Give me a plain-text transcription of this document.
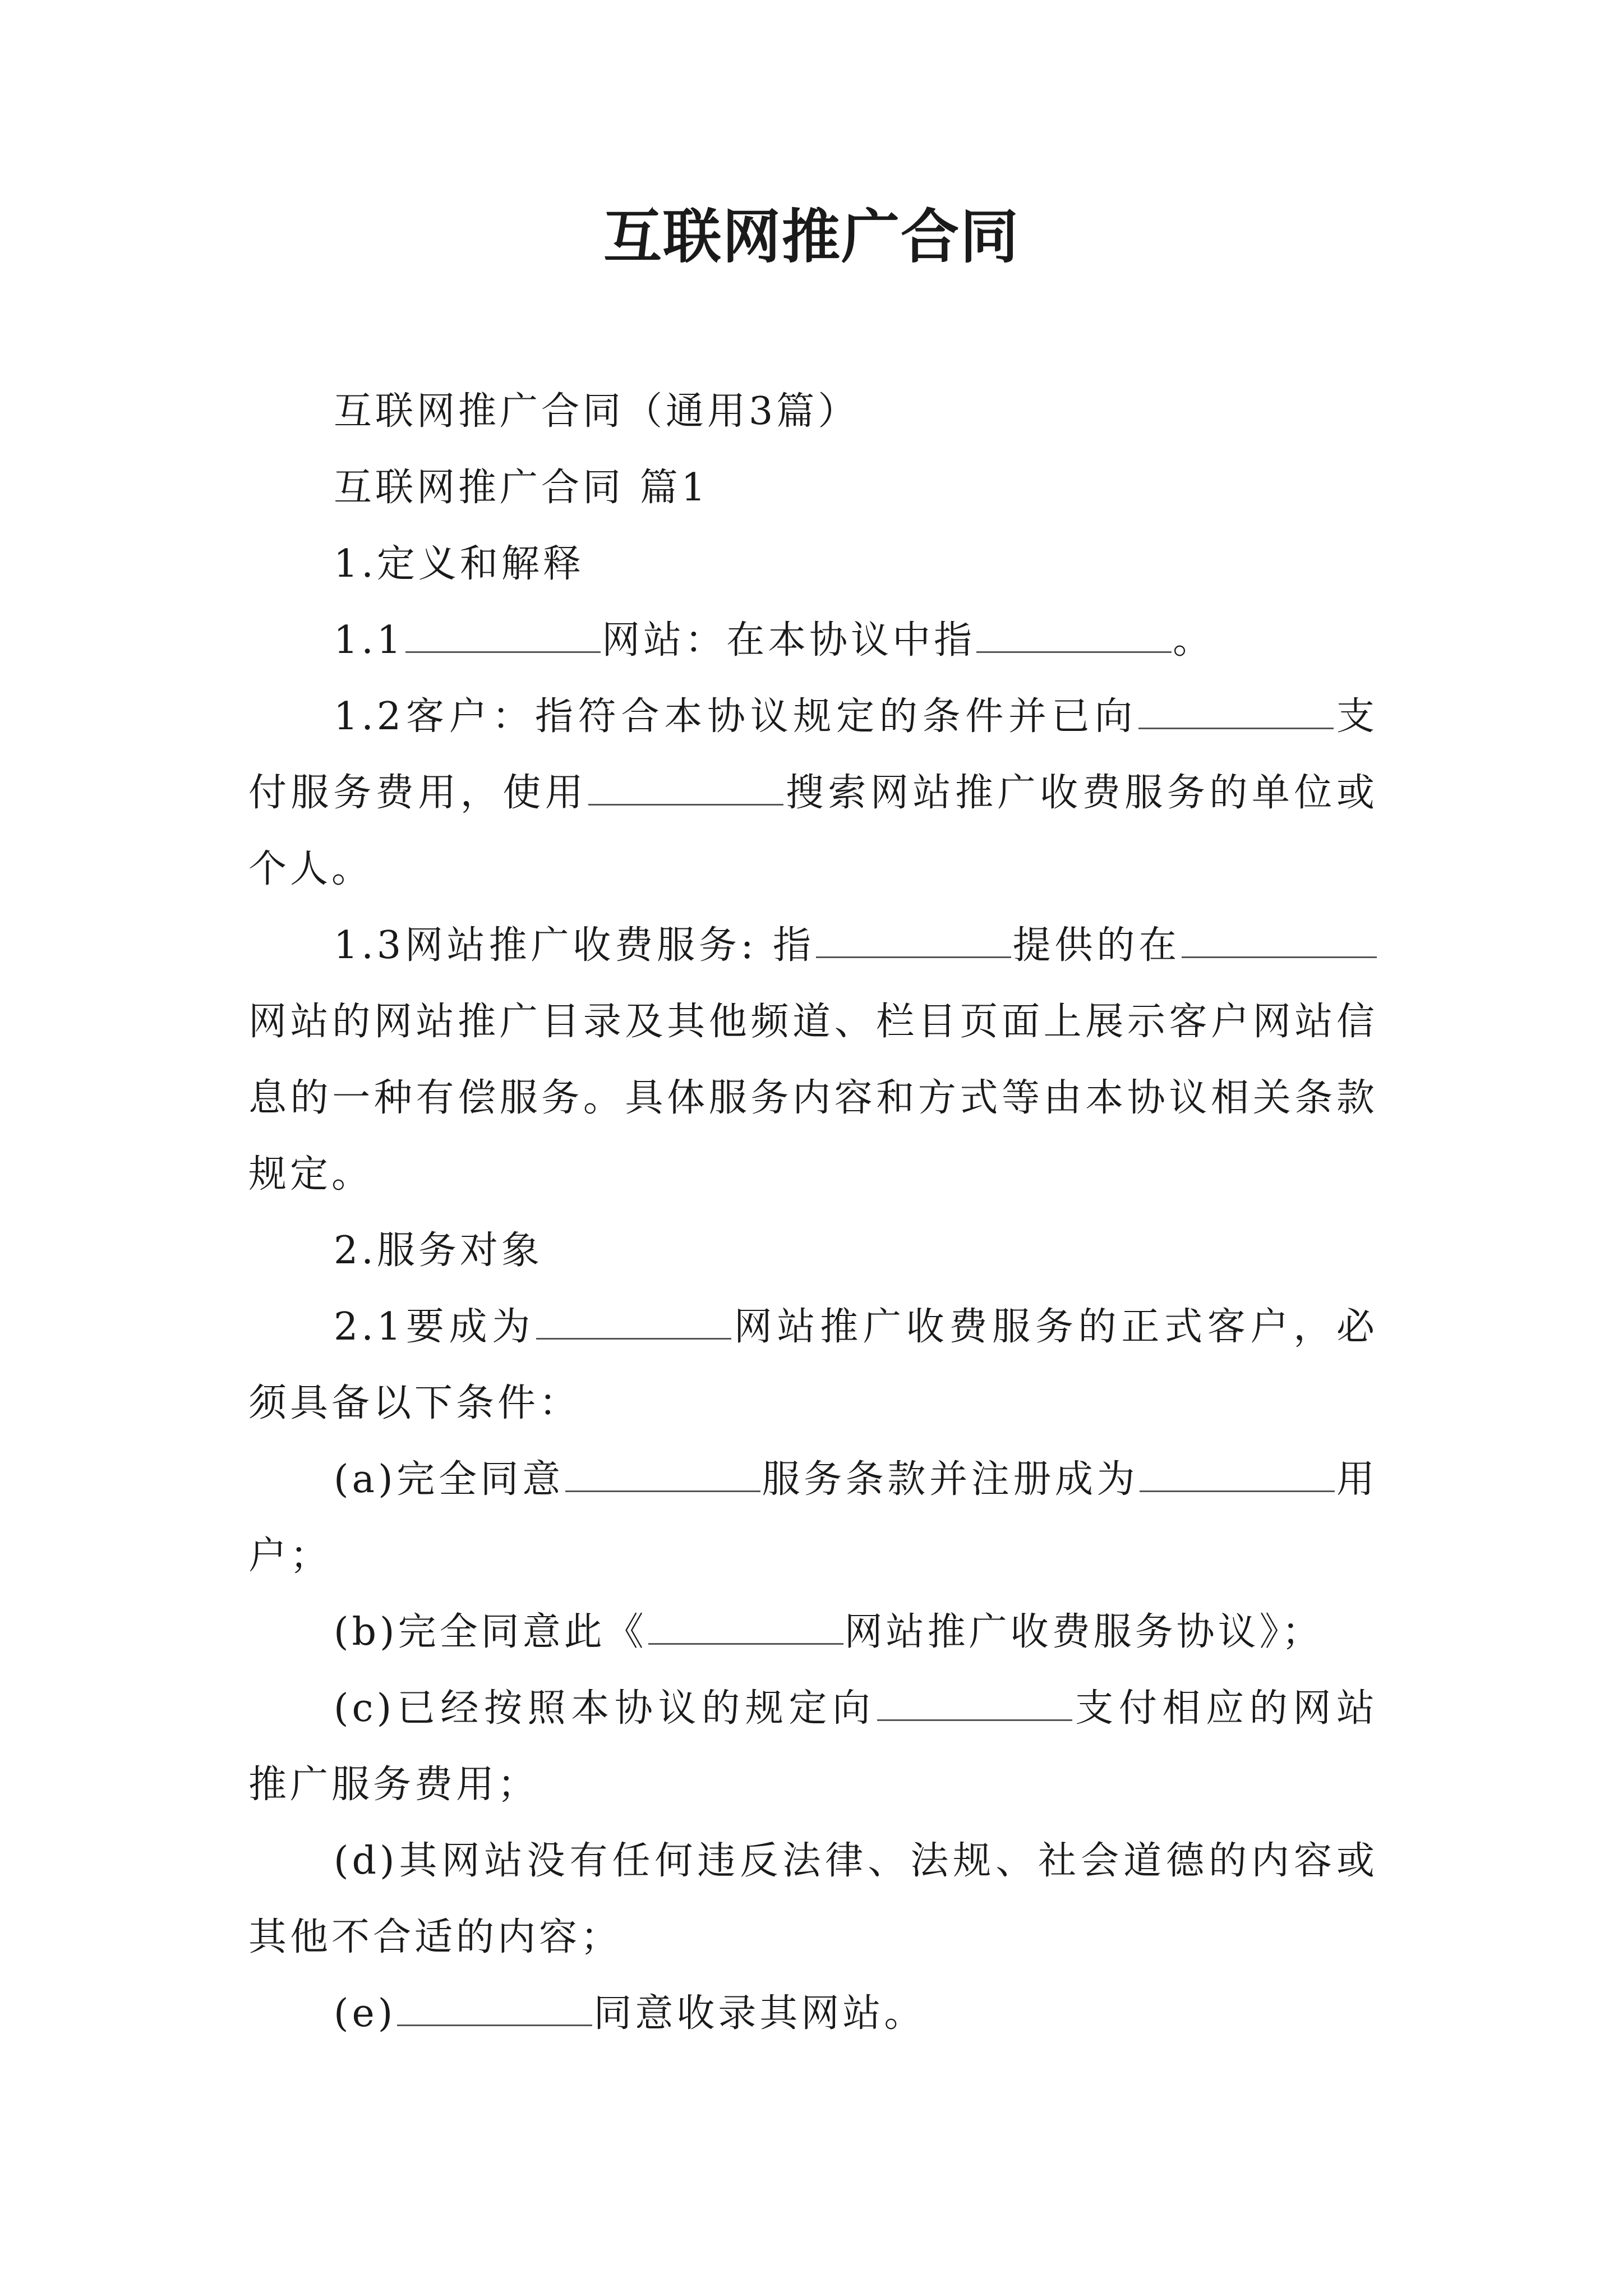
互联网推广合同

互联网推广合同（通用3篇）

互联网推广合同 篇1

1.定义和解释

1.1	网站：在本协议中指	。

1.2客户：指符合本协议规定的条件并已向	支付服务费用，使用	搜索网站推广收费服务的单位或个人。

1.3网站推广收费服务: 指	提供的在网站的网站推广目录及其他频道、栏目页面上展示客户网站信息的一种有偿服务。具体服务内容和方式等由本协议相关条款规定。

2.服务对象

2.1要成为	网站推广收费服务的正式客户，必须具备以下条件：

(a)完全同意	服务条款并注册成为	用户；

(b)完全同意此《	网站推广收费服务协议》；

(c)已经按照本协议的规定向	支付相应的网站推广服务费用；

(d)其网站没有任何违反法律、法规、社会道德的内容或其他不合适的内容；

(e)	同意收录其网站。
